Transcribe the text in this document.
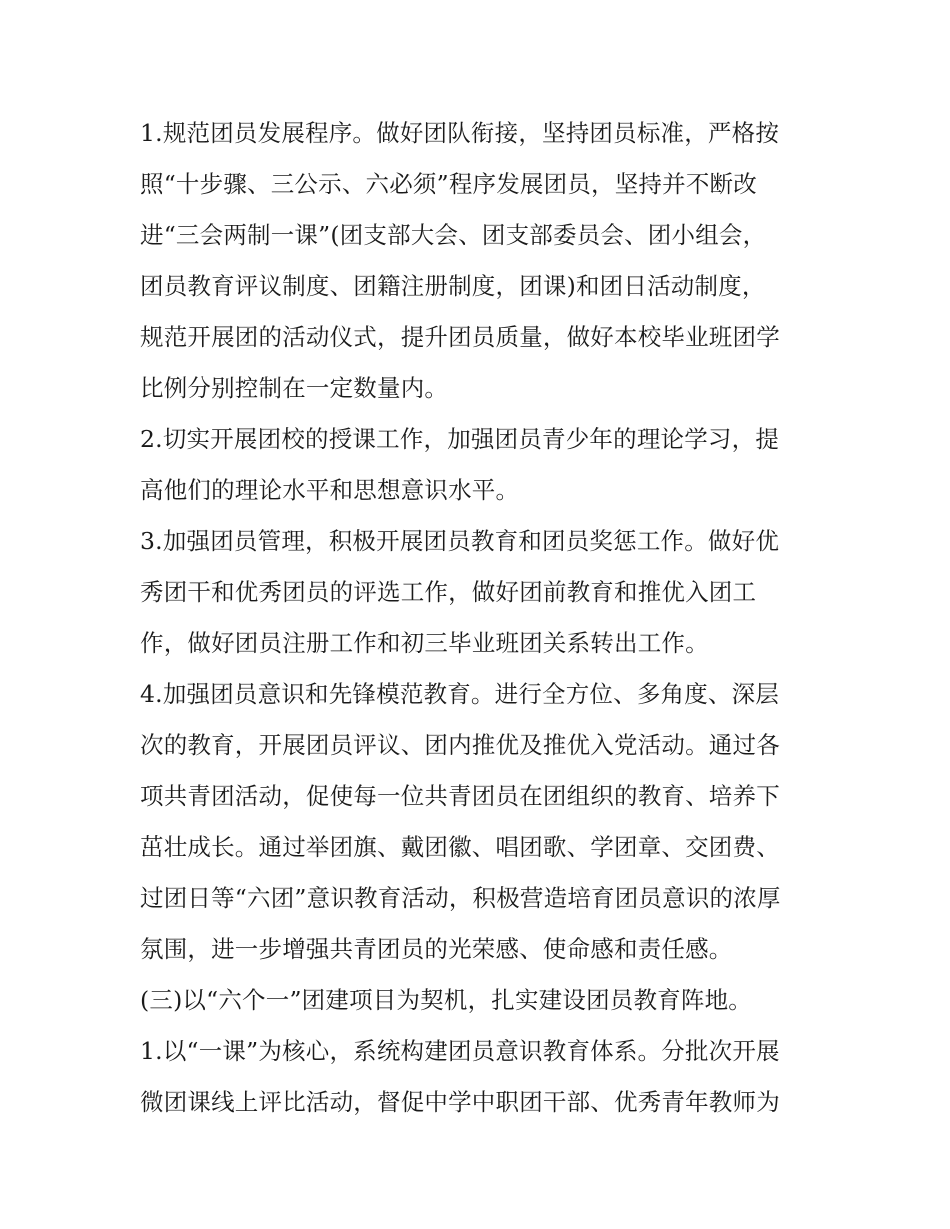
1.规范团员发展程序。做好团队衔接，坚持团员标准，严格按
照“十步骤、三公示、六必须”程序发展团员，坚持并不断改
进“三会两制一课”(团支部大会、团支部委员会、团小组会，
团员教育评议制度、团籍注册制度，团课)和团日活动制度，
规范开展团的活动仪式，提升团员质量，做好本校毕业班团学
比例分别控制在一定数量内。
2.切实开展团校的授课工作，加强团员青少年的理论学习，提
高他们的理论水平和思想意识水平。
3.加强团员管理，积极开展团员教育和团员奖惩工作。做好优
秀团干和优秀团员的评选工作，做好团前教育和推优入团工
作，做好团员注册工作和初三毕业班团关系转出工作。
4.加强团员意识和先锋模范教育。进行全方位、多角度、深层
次的教育，开展团员评议、团内推优及推优入党活动。通过各
项共青团活动，促使每一位共青团员在团组织的教育、培养下
茁壮成长。通过举团旗、戴团徽、唱团歌、学团章、交团费、
过团日等“六团”意识教育活动，积极营造培育团员意识的浓厚
氛围，进一步增强共青团员的光荣感、使命感和责任感。
(三)以“六个一”团建项目为契机，扎实建设团员教育阵地。
1.以“一课”为核心，系统构建团员意识教育体系。分批次开展
微团课线上评比活动，督促中学中职团干部、优秀青年教师为
